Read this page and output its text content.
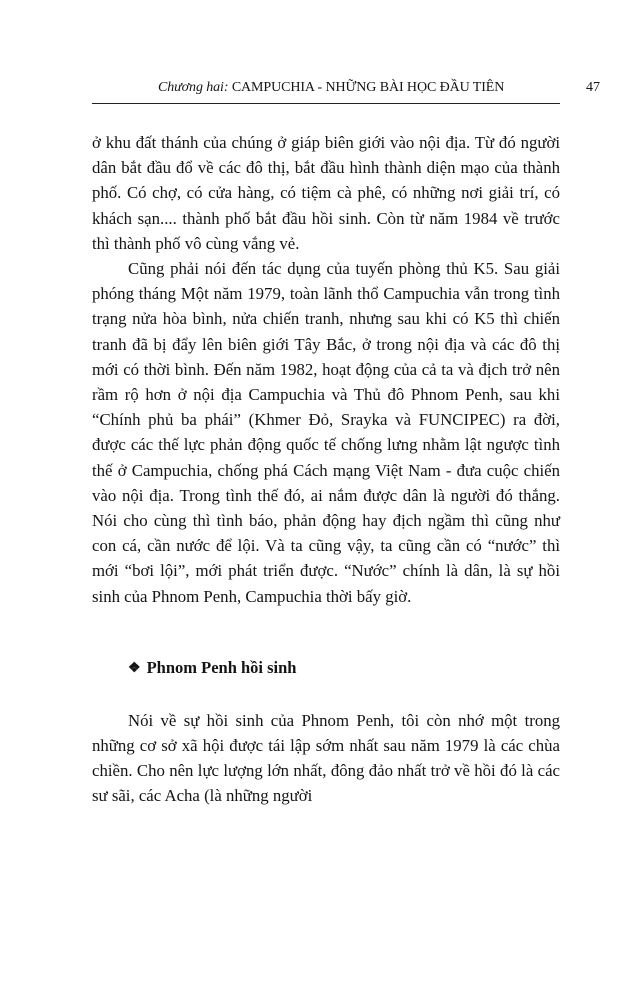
Chương hai: CAMPUCHIA - NHỮNG BÀI HỌC ĐẦU TIÊN	47

ở khu đất thánh của chúng ở giáp biên giới vào nội địa. Từ đó người dân bắt đầu đổ về các đô thị, bắt đầu hình thành diện mạo của thành phố. Có chợ, có cửa hàng, có tiệm cà phê, có những nơi giải trí, có khách sạn.... thành phố bắt đầu hồi sinh. Còn từ năm 1984 về trước thì thành phố vô cùng vắng vẻ.

Cũng phải nói đến tác dụng của tuyến phòng thủ K5. Sau giải phóng tháng Một năm 1979, toàn lãnh thổ Campuchia vẫn trong tình trạng nửa hòa bình, nửa chiến tranh, nhưng sau khi có K5 thì chiến tranh đã bị đẩy lên biên giới Tây Bắc, ở trong nội địa và các đô thị mới có thời bình. Đến năm 1982, hoạt động của cả ta và địch trở nên rầm rộ hơn ở nội địa Campuchia và Thủ đô Phnom Penh, sau khi “Chính phủ ba phái” (Khmer Đỏ, Srayka và FUNCIPEC) ra đời, được các thế lực phản động quốc tế chống lưng nhằm lật ngược tình thế ở Campuchia, chống phá Cách mạng Việt Nam - đưa cuộc chiến vào nội địa. Trong tình thế đó, ai nắm được dân là người đó thắng. Nói cho cùng thì tình báo, phản động hay địch ngầm thì cũng như con cá, cần nước để lội. Và ta cũng vậy, ta cũng cần có “nước” thì mới “bơi lội”, mới phát triển được. “Nước” chính là dân, là sự hồi sinh của Phnom Penh, Campuchia thời bấy giờ.

❖ Phnom Penh hồi sinh

Nói về sự hồi sinh của Phnom Penh, tôi còn nhớ một trong những cơ sở xã hội được tái lập sớm nhất sau năm 1979 là các chùa chiền. Cho nên lực lượng lớn nhất, đông đảo nhất trở về hồi đó là các sư sãi, các Acha (là những người
